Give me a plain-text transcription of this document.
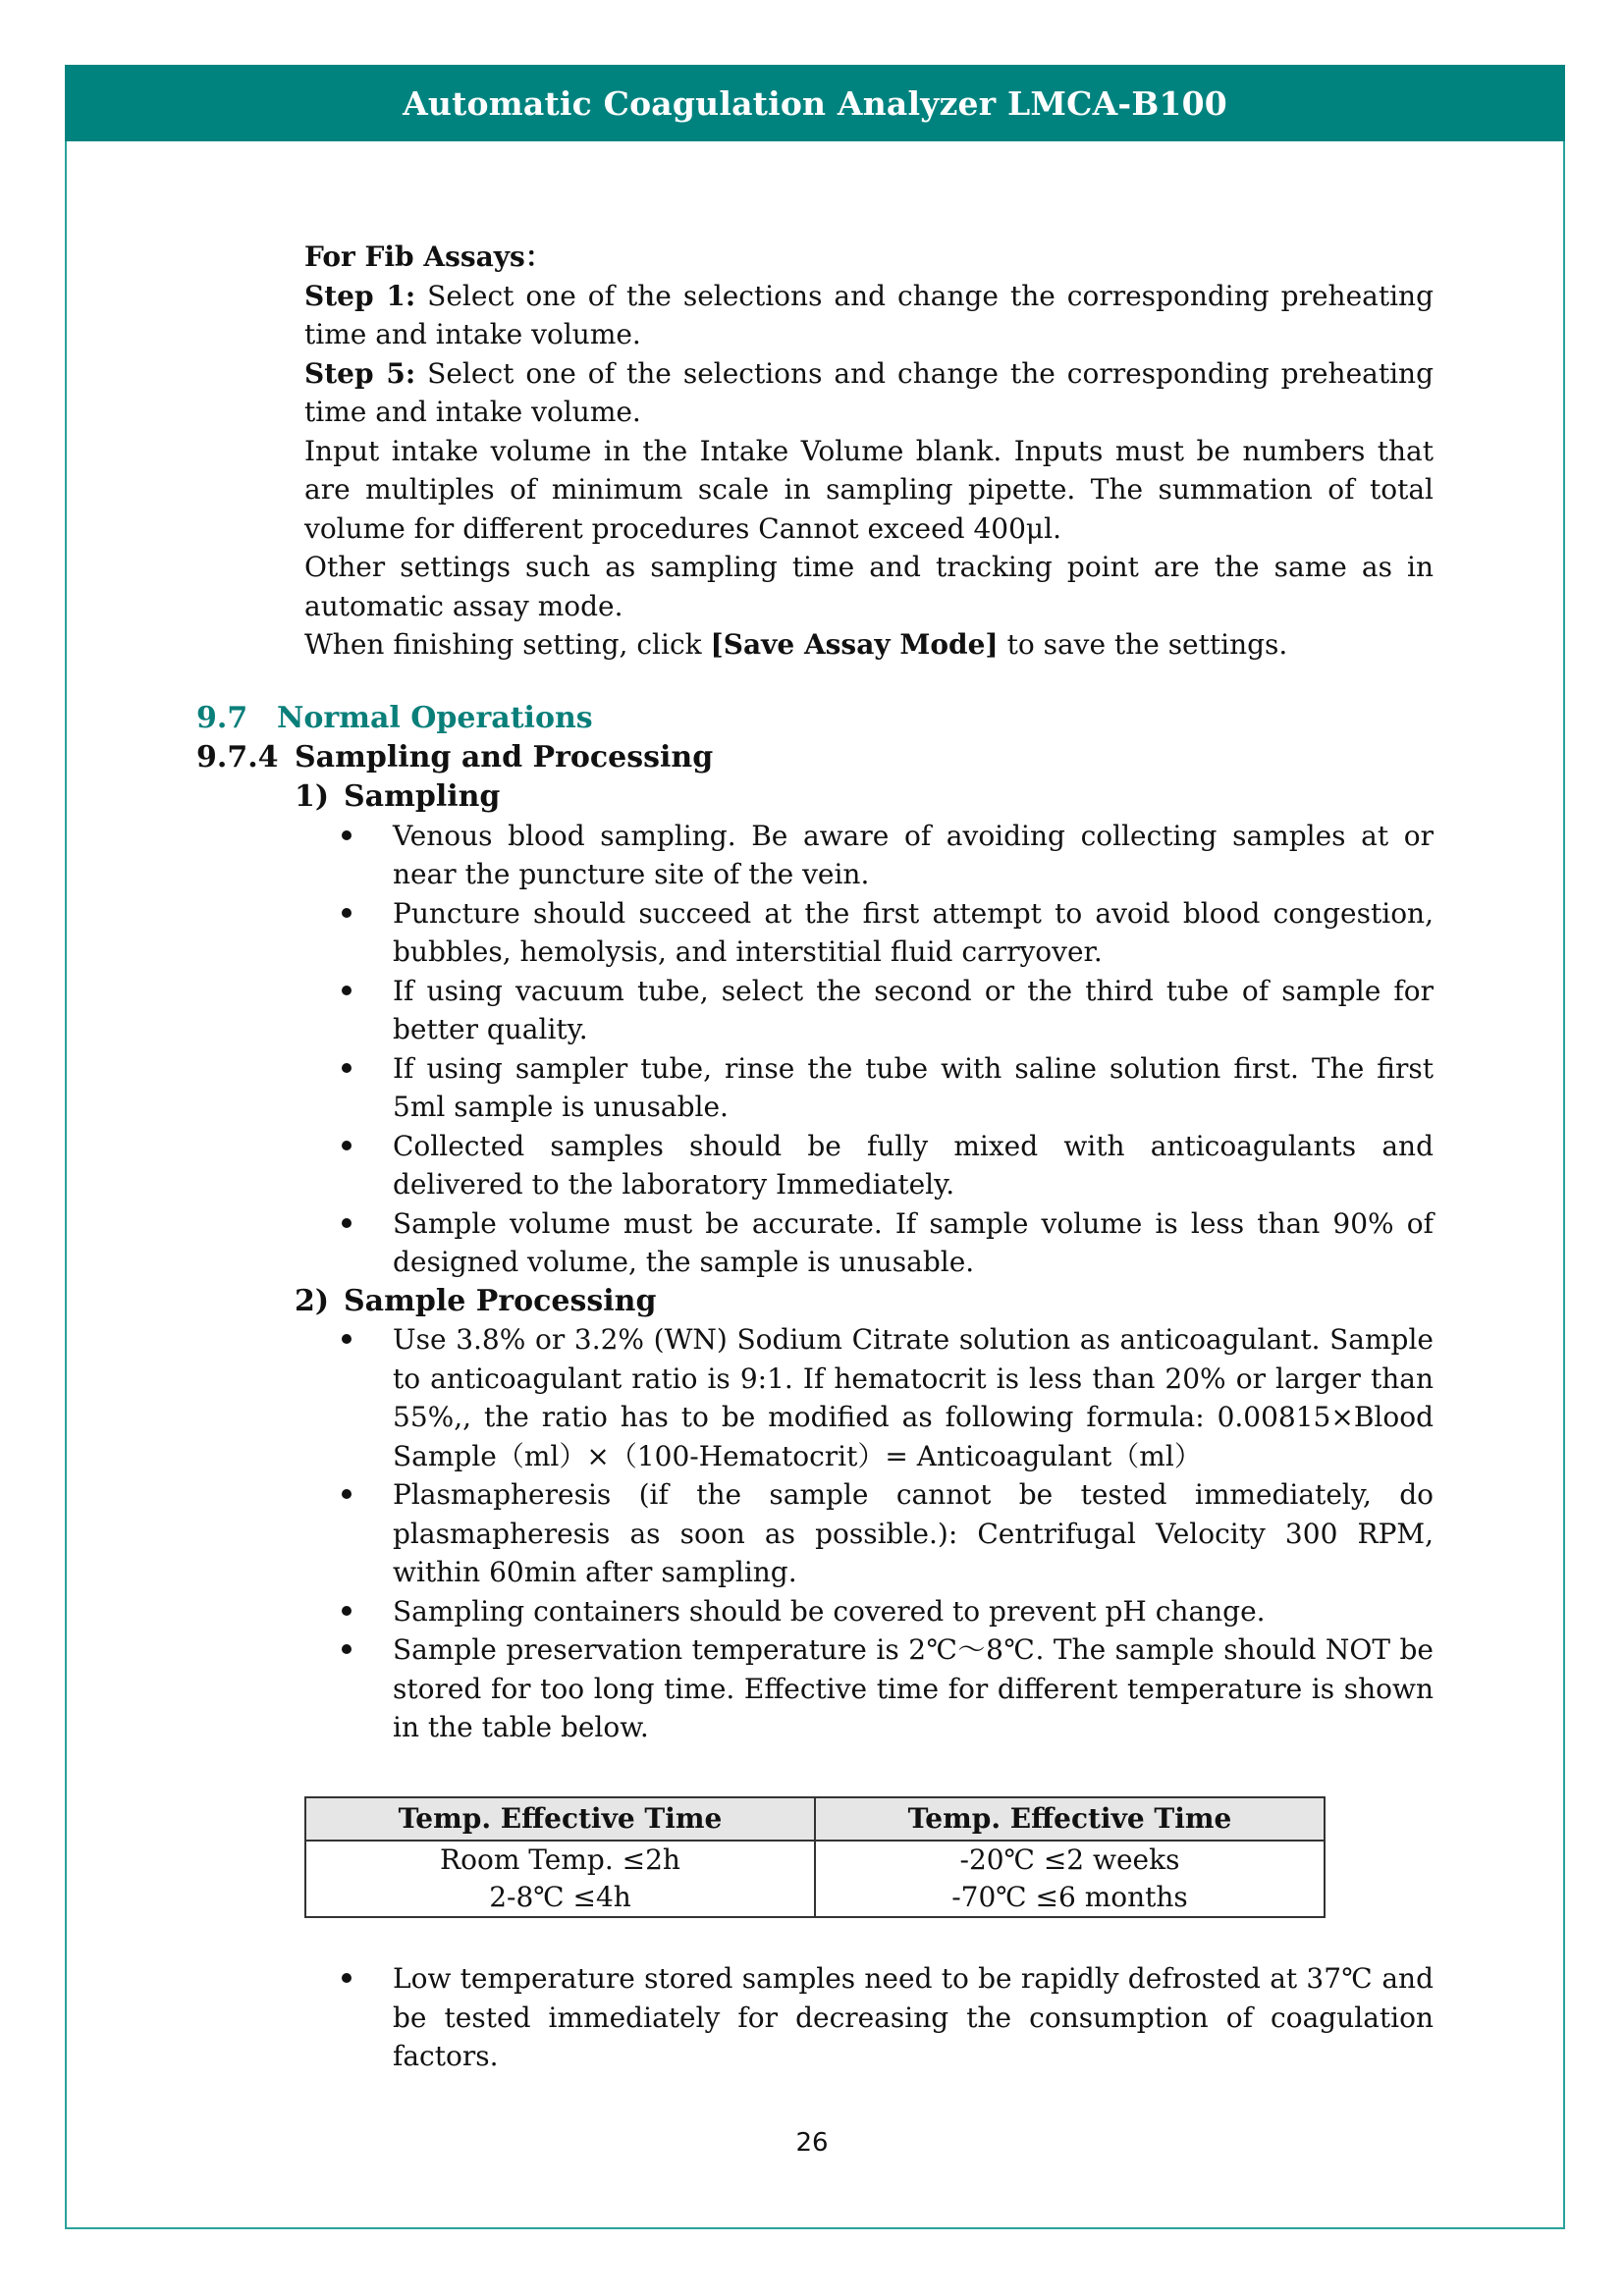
Automatic Coagulation Analyzer LMCA-B100

For Fib Assays：

Step 1: Select one of the selections and change the corresponding preheating time and intake volume.

Step 5: Select one of the selections and change the corresponding preheating time and intake volume.

Input intake volume in the Intake Volume blank. Inputs must be numbers that are multiples of minimum scale in sampling pipette. The summation of total volume for different procedures Cannot exceed 400μl.

Other settings such as sampling time and tracking point are the same as in automatic assay mode.

When finishing setting, click [Save Assay Mode] to save the settings.

9.7 Normal Operations
9.7.4 Sampling and Processing

1) Sampling

Venous blood sampling. Be aware of avoiding collecting samples at or near the puncture site of the vein.
Puncture should succeed at the first attempt to avoid blood congestion, bubbles, hemolysis, and interstitial fluid carryover.
If using vacuum tube, select the second or the third tube of sample for better quality.
If using sampler tube, rinse the tube with saline solution first. The first 5ml sample is unusable.
Collected samples should be fully mixed with anticoagulants and delivered to the laboratory Immediately.
Sample volume must be accurate. If sample volume is less than 90% of designed volume, the sample is unusable.

2) Sample Processing

Use 3.8% or 3.2% (WN) Sodium Citrate solution as anticoagulant. Sample to anticoagulant ratio is 9:1. If hematocrit is less than 20% or larger than 55%,, the ratio has to be modified as following formula: 0.00815×Blood Sample（ml）×（100-Hematocrit）= Anticoagulant（ml）
Plasmapheresis (if the sample cannot be tested immediately, do plasmapheresis as soon as possible.): Centrifugal Velocity 300 RPM, within 60min after sampling.
Sampling containers should be covered to prevent pH change.
Sample preservation temperature is 2℃〜8℃. The sample should NOT be stored for too long time. Effective time for different temperature is shown in the table below.
Temp. Effective Time	Temp. Effective Time
Room Temp. ≤2h	-20℃ ≤2 weeks
2-8℃ ≤4h	-70℃ ≤6 months
Low temperature stored samples need to be rapidly defrosted at 37℃ and be tested immediately for decreasing the consumption of coagulation factors.
26
